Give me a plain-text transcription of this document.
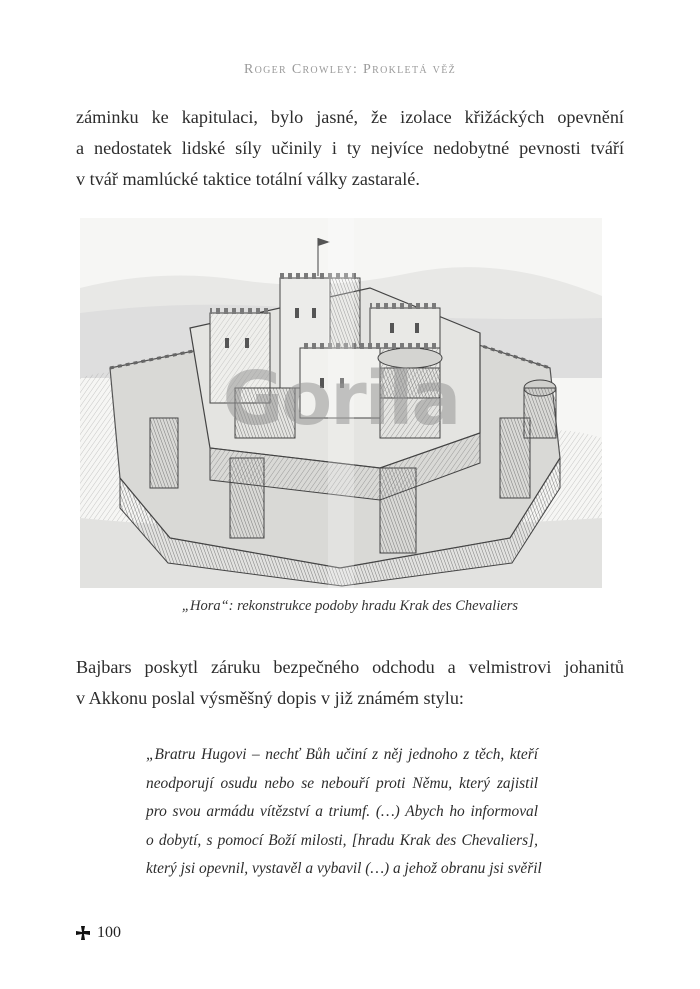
Roger Crowley: Prokletá věž
záminku ke kapitulaci, bylo jasné, že izolace křižáckých opevnění
a nedostatek lidské síly učinily i ty nejvíce nedobytné pevnosti tváří
v tvář mamlúcké taktice totální války zastaralé.
Gorila
„Hora“: rekonstrukce podoby hradu Krak des Chevaliers
Bajbars poskytl záruku bezpečného odchodu a velmistrovi johanitů
v Akkonu poslal výsměšný dopis v již známém stylu:
„Bratru Hugovi – nechť Bůh učiní z něj jednoho z těch, kteří
neodporují osudu nebo se nebouří proti Němu, který zajistil
pro svou armádu vítězství a triumf. (…) Abych ho informoval
o dobytí, s pomocí Boží milosti, [hradu Krak des Chevaliers],
který jsi opevnil, vystavěl a vybavil (…) a jehož obranu jsi svěřil
100
